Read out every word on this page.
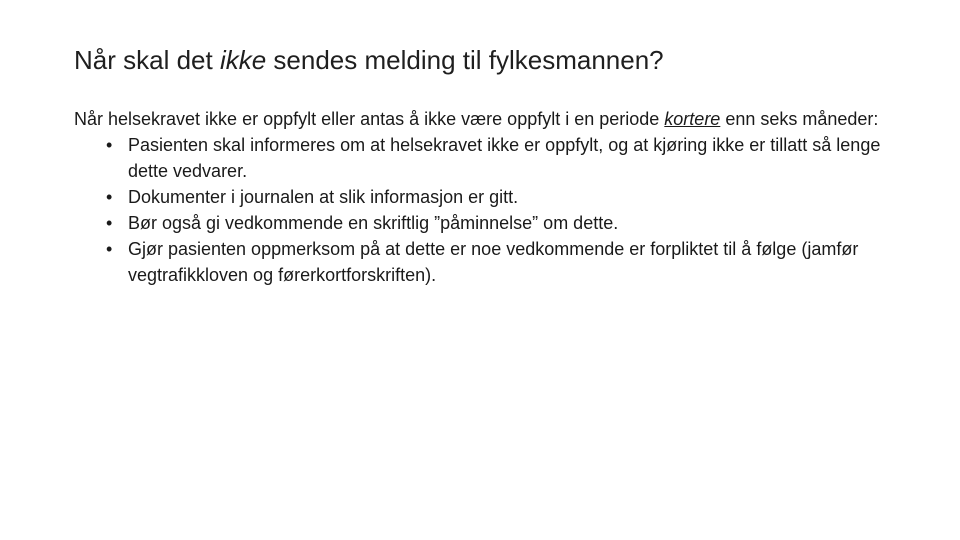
Når skal det ikke sendes melding til fylkesmannen?

Når helsekravet ikke er oppfylt eller antas å ikke være oppfylt i en periode kortere enn seks måneder:

• Pasienten skal informeres om at helsekravet ikke er oppfylt, og at kjøring ikke er tillatt så lenge dette vedvarer.
• Dokumenter i journalen at slik informasjon er gitt.
• Bør også gi vedkommende en skriftlig ”påminnelse” om dette.
• Gjør pasienten oppmerksom på at dette er noe vedkommende er forpliktet til å følge (jamfør vegtrafikkloven og førerkortforskriften).
